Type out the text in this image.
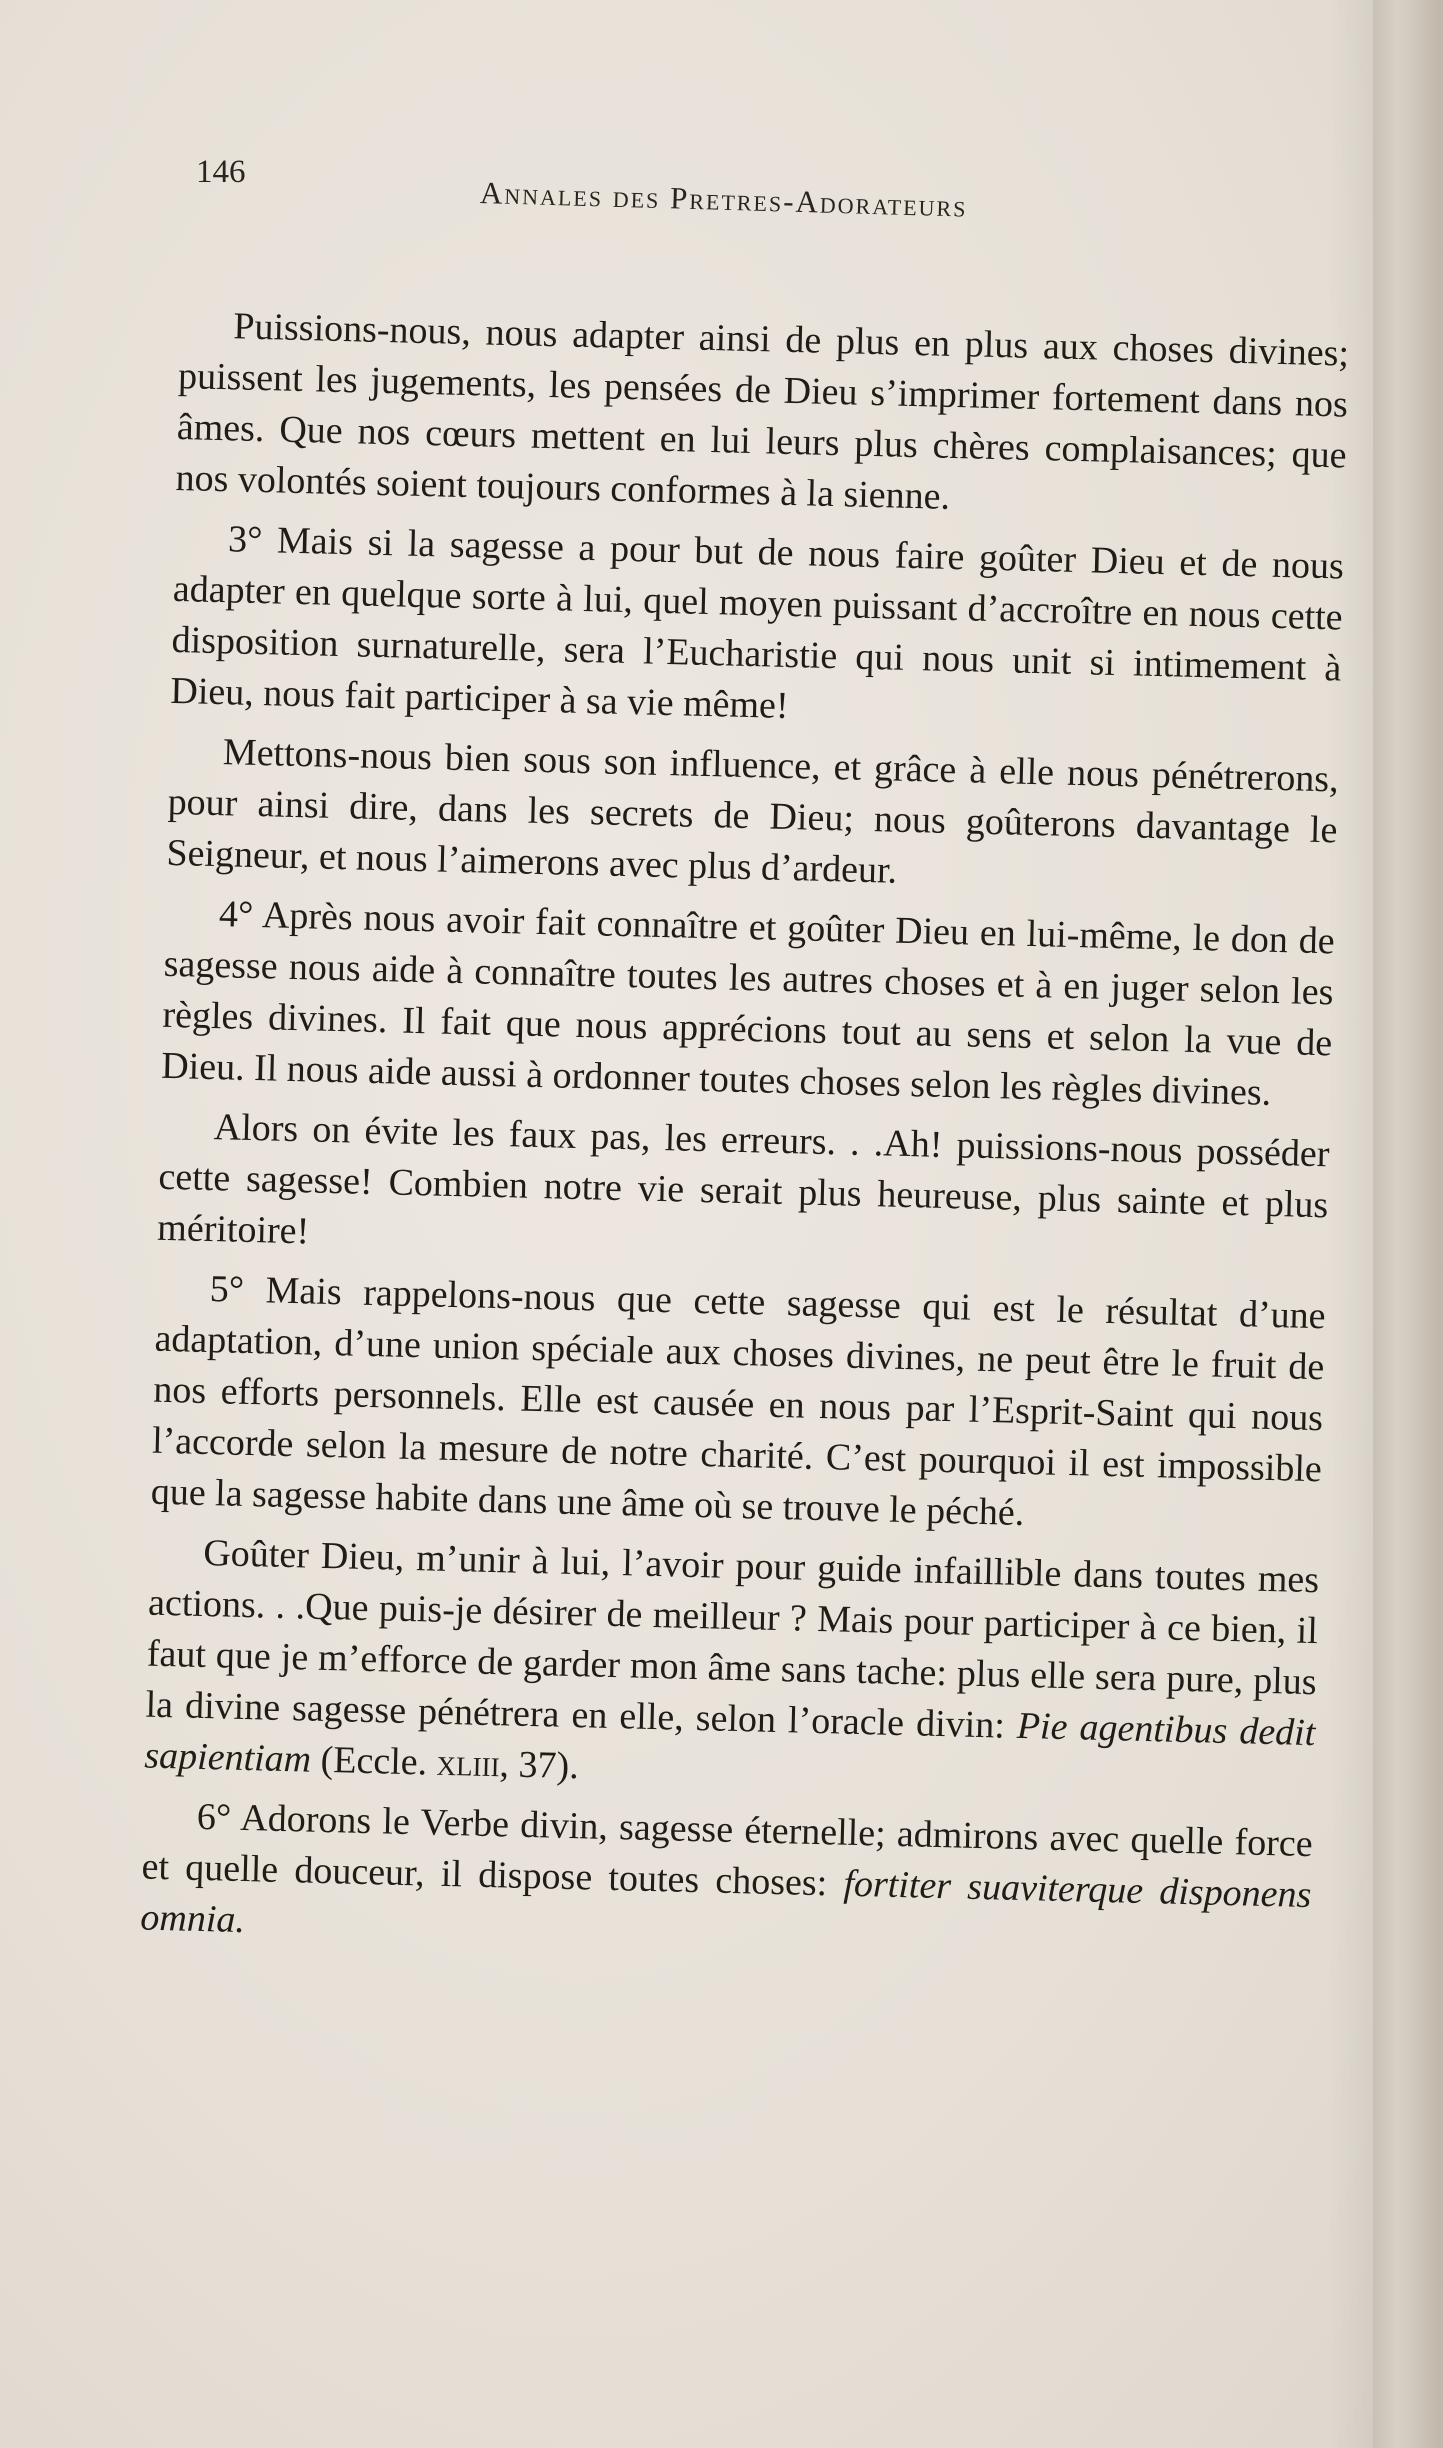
146
Annales des Pretres-Adorateurs

Puissions-nous, nous adapter ainsi de plus en plus aux choses divines; puissent les jugements, les pensées de Dieu s’imprimer fortement dans nos âmes. Que nos cœurs mettent en lui leurs plus chères complaisances; que nos volontés soient toujours conformes à la sienne.

3° Mais si la sagesse a pour but de nous faire goûter Dieu et de nous adapter en quelque sorte à lui, quel moyen puissant d’accroître en nous cette disposition surnaturelle, sera l’Eucharistie qui nous unit si intimement à Dieu, nous fait participer à sa vie même!

Mettons-nous bien sous son influence, et grâce à elle nous pénétrerons, pour ainsi dire, dans les secrets de Dieu; nous goûterons davantage le Seigneur, et nous l’aimerons avec plus d’ardeur.

4° Après nous avoir fait connaître et goûter Dieu en lui-même, le don de sagesse nous aide à connaître toutes les autres choses et à en juger selon les règles divines. Il fait que nous apprécions tout au sens et selon la vue de Dieu. Il nous aide aussi à ordonner toutes choses selon les règles divines.

Alors on évite les faux pas, les erreurs. . .Ah! puissions-nous posséder cette sagesse! Combien notre vie serait plus heureuse, plus sainte et plus méritoire!

5° Mais rappelons-nous que cette sagesse qui est le résultat d’une adaptation, d’une union spéciale aux choses divines, ne peut être le fruit de nos efforts personnels. Elle est causée en nous par l’Esprit-Saint qui nous l’accorde selon la mesure de notre charité. C’est pourquoi il est impossible que la sagesse habite dans une âme où se trouve le péché.

Goûter Dieu, m’unir à lui, l’avoir pour guide infaillible dans toutes mes actions. . .Que puis-je désirer de meilleur ? Mais pour participer à ce bien, il faut que je m’efforce de garder mon âme sans tache: plus elle sera pure, plus la divine sagesse pénétrera en elle, selon l’oracle divin: Pie agentibus dedit sapientiam (Eccle. xliii, 37).

6° Adorons le Verbe divin, sagesse éternelle; admirons avec quelle force et quelle douceur, il dispose toutes choses: fortiter suaviterque disponens omnia.
